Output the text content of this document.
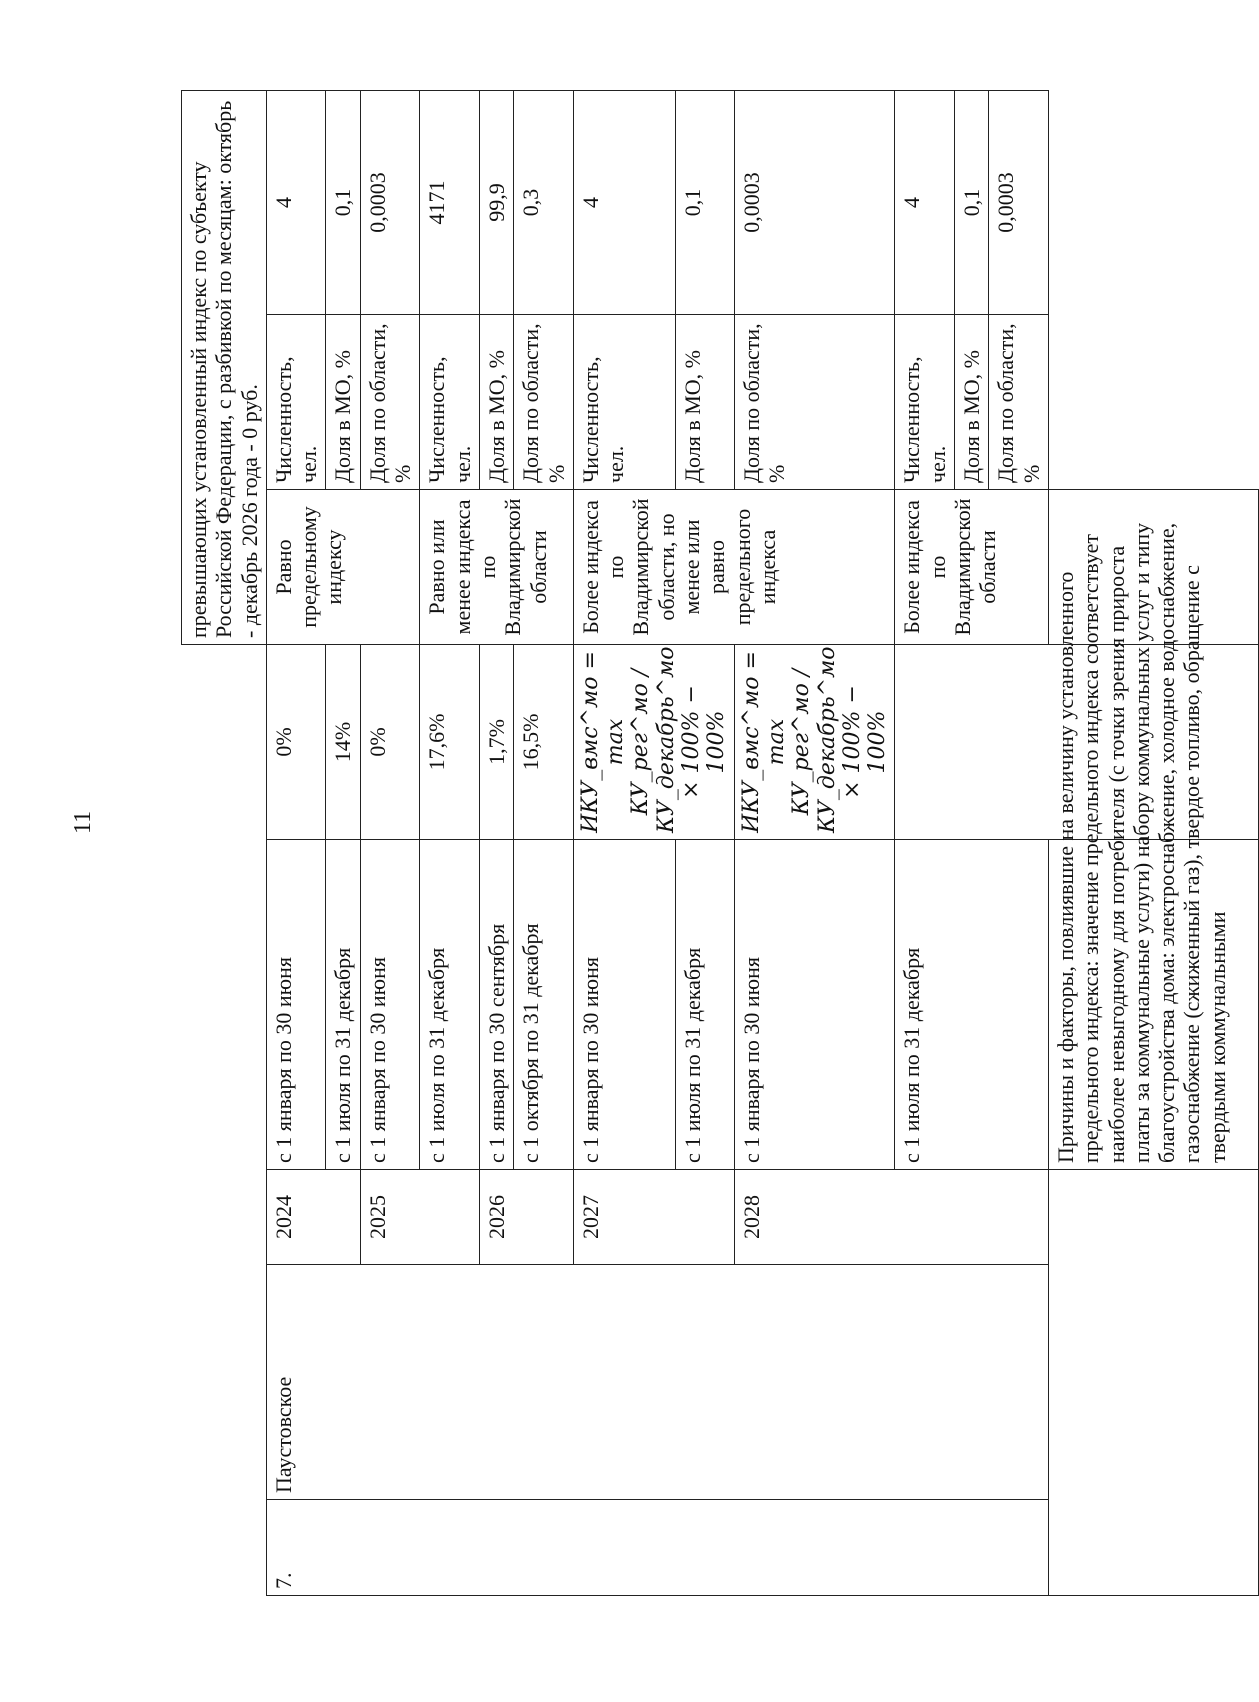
11
					превышающих установленный индекс по субъекту Российской Федерации, с разбивкой по месяцам: октябрь - декабрь 2026 года - 0 руб.		
7.	Паустовское	2024	с 1 января по 30 июня	0%	Равно предельному индексу	Численность, чел.	4
			с 1 июля по 31 декабря	14%		Доля в МО, %	0,1
		2025	с 1 января по 30 июня	0%		Доля по области, %	0,0003
			с 1 июля по 31 декабря	17,6%	Равно или менее индекса по Владимирской области	Численность, чел.	4171
		2026	с 1 января по 30 сентября	1,7%		Доля в МО, %	99,9
			с 1 октября по 31 декабря	16,5%		Доля по области, %	0,3
		2027	с 1 января по 30 июня	ИКУ_вмс^мо = max КУ_рег^мо / КУ_декабрь^мо × 100% − 100%	Более индекса по Владимирской области, но менее или равно предельного индекса	Численность, чел.	4
			с 1 июля по 31 декабря			Доля в МО, %	0,1
		2028	с 1 января по 30 июня	ИКУ_вмс^мо = max КУ_рег^мо / КУ_декабрь^мо × 100% − 100%		Доля по области, %	0,0003
			с 1 июля по 31 декабря		Более индекса по Владимирской области	Численность, чел.	4
						Доля в МО, %	0,1
						Доля по области, %	0,0003
			Причины и факторы, повлиявшие на величину установленного предельного индекса: значение предельного индекса соответствует наиболее невыгодному для потребителя (с точки зрения прироста платы за коммунальные услуги) набору коммунальных услуг и типу благоустройства дома: электроснабжение, холодное водоснабжение, газоснабжение (сжиженный газ), твердое топливо, обращение с твердыми коммунальными				
